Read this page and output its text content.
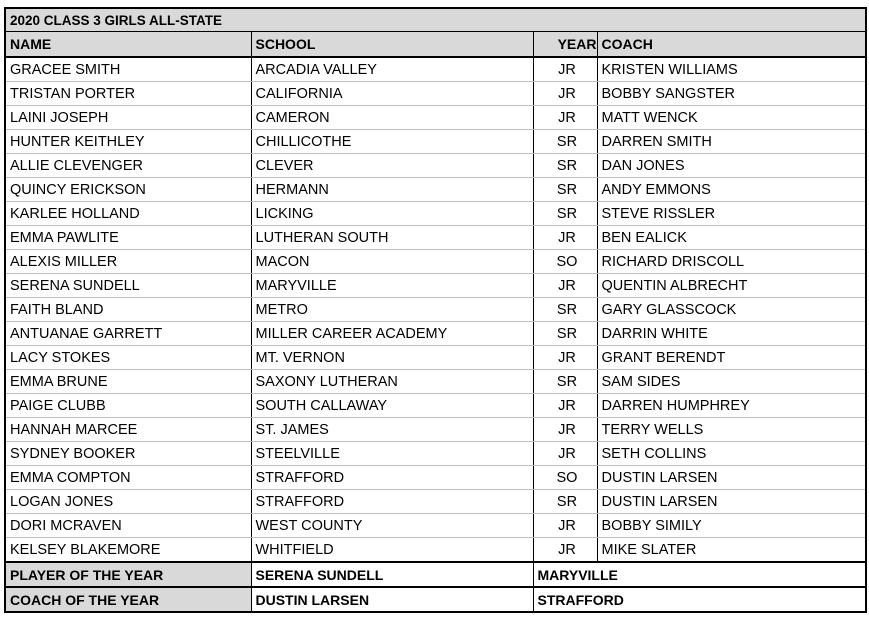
2020 CLASS 3 GIRLS ALL-STATE			
NAME	SCHOOL	YEAR	COACH
GRACEE SMITH	ARCADIA VALLEY	JR	KRISTEN WILLIAMS
TRISTAN PORTER	CALIFORNIA	JR	BOBBY SANGSTER
LAINI JOSEPH	CAMERON	JR	MATT WENCK
HUNTER KEITHLEY	CHILLICOTHE	SR	DARREN SMITH
ALLIE CLEVENGER	CLEVER	SR	DAN JONES
QUINCY ERICKSON	HERMANN	SR	ANDY EMMONS
KARLEE HOLLAND	LICKING	SR	STEVE RISSLER
EMMA PAWLITE	LUTHERAN SOUTH	JR	BEN EALICK
ALEXIS MILLER	MACON	SO	RICHARD DRISCOLL
SERENA SUNDELL	MARYVILLE	JR	QUENTIN ALBRECHT
FAITH BLAND	METRO	SR	GARY GLASSCOCK
ANTUANAE GARRETT	MILLER CAREER ACADEMY	SR	DARRIN WHITE
LACY STOKES	MT. VERNON	JR	GRANT BERENDT
EMMA BRUNE	SAXONY LUTHERAN	SR	SAM SIDES
PAIGE CLUBB	SOUTH CALLAWAY	JR	DARREN HUMPHREY
HANNAH MARCEE	ST. JAMES	JR	TERRY WELLS
SYDNEY BOOKER	STEELVILLE	JR	SETH COLLINS
EMMA COMPTON	STRAFFORD	SO	DUSTIN LARSEN
LOGAN JONES	STRAFFORD	SR	DUSTIN LARSEN
DORI MCRAVEN	WEST COUNTY	JR	BOBBY SIMILY
KELSEY BLAKEMORE	WHITFIELD	JR	MIKE SLATER
PLAYER OF THE YEAR	SERENA SUNDELL	MARYVILLE	
COACH OF THE YEAR	DUSTIN LARSEN	STRAFFORD	
